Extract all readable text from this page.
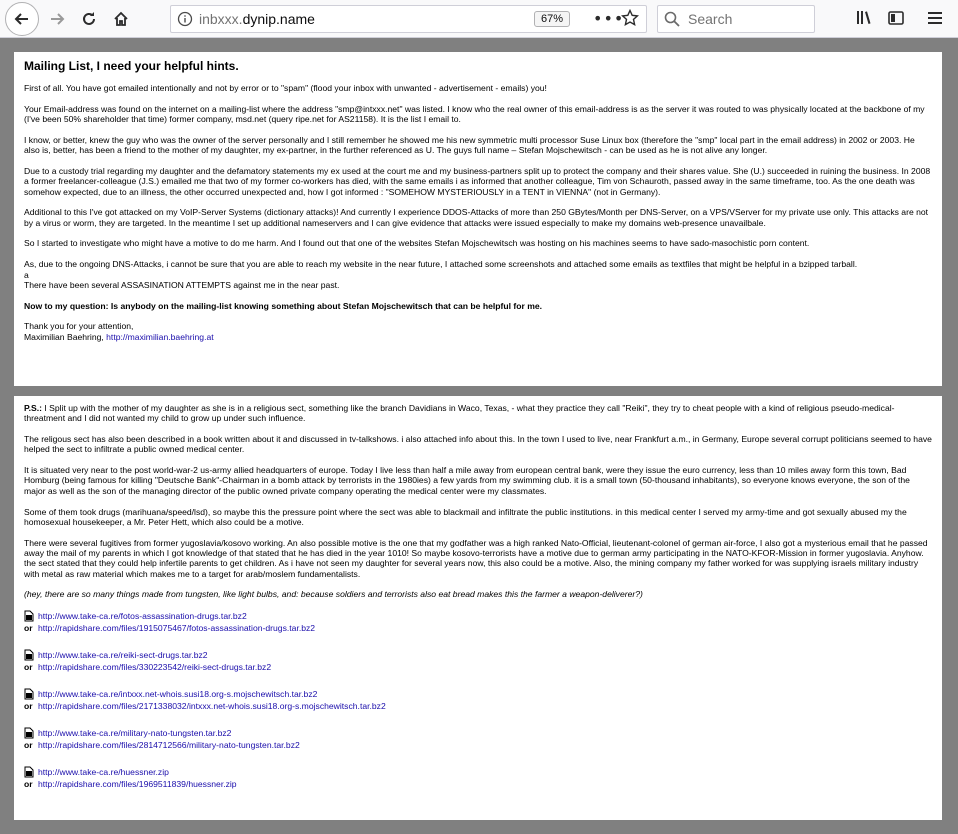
inbxxx.dynip.name	67%	•••
Search
Mailing List, I need your helpful hints.

First of all. You have got emailed intentionally and not by error or to "spam" (flood your inbox with unwanted - advertisement - emails) you!

Your Email-address was found on the internet on a mailing-list where the address "smp@intxxx.net" was listed. I know who the real owner of this email-address is as the server it was routed to was physically located at the backbone of my (I've been 50% shareholder that time) former company, msd.net (query ripe.net for AS21158). It is the list I email to.

I know, or better, knew the guy who was the owner of the server personally and I still remember he showed me his new symmetric multi processor Suse Linux box (therefore the "smp" local part in the email address) in 2002 or 2003. He also is, better, has been a friend to the mother of my daughter, my ex-partner, in the further referenced as U. The guys full name – Stefan Mojschewitsch - can be used as he is not alive any longer.

Due to a custody trial regarding my daughter and the defamatory statements my ex used at the court me and my business-partners split up to protect the company and their shares value. She (U.) succeeded in ruining the business. In 2008 a former freelancer-colleague (J.S.) emailed me that two of my former co-workers has died, with the same emails i as informed that another colleague, Tim von Schauroth, passed away in the same timeframe, too. As the one death was somehow expected, due to an illness, the other occurred unexpected and, how I got informed : "SOMEHOW MYSTERIOUSLY in a TENT in VIENNA" (not in Germany).

Additional to this I've got attacked on my VoIP-Server Systems (dictionary attacks)! And currently I experience DDOS-Attacks of more than 250 GBytes/Month per DNS-Server, on a VPS/VServer for my private use only. This attacks are not by a virus or worm, they are targeted. In the meantime I set up additional nameservers and I can give evidence that attacks were issued especially to make my domains web-presence unavailbale.

So I started to investigate who might have a motive to do me harm. And I found out that one of the websites Stefan Mojschewitsch was hosting on his machines seems to have sado-masochistic porn content.

As, due to the ongoing DNS-Attacks, i cannot be sure that you are able to reach my website in the near future, I attached some screenshots and attached some emails as textfiles that might be helpful in a bzipped tarball.
a
There have been several ASSASINATION ATTEMPTS against me in the near past.

Now to my question: Is anybody on the mailing-list knowing something about Stefan Mojschewitsch that can be helpful for me.

Thank you for your attention,
Maximilian Baehring, http://maximilian.baehring.at

P.S.: I Split up with the mother of my daughter as she is in a religious sect, something like the branch Davidians in Waco, Texas, - what they practice they call "Reiki", they try to cheat people with a kind of religious pseudo-medical-threatment and I did not wanted my child to grow up under such influence.

The religous sect has also been described in a book written about it and discussed in tv-talkshows. i also attached info about this. In the town I used to live, near Frankfurt a.m., in Germany, Europe several corrupt politicians seemed to have helped the sect to infiltrate a public owned medical center.

It is situated very near to the post world-war-2 us-army allied headquarters of europe. Today I live less than half a mile away from european central bank, were they issue the euro currency, less than 10 miles away form this town, Bad Homburg (being famous for killing "Deutsche Bank"-Chairman in a bomb attack by terrorists in the 1980ies) a few yards from my swimming club. it is a small town (50-thousand inhabitants), so everyone knows everyone, the son of the major as well as the son of the managing director of the public owned private company operating the medical center were my classmates.

Some of them took drugs (marihuana/speed/lsd), so maybe this the pressure point where the sect was able to blackmail and infiltrate the public institutions. in this medical center I served my army-time and got sexually abused my the homosexual housekeeper, a Mr. Peter Hett, which also could be a motive.

There were several fugitives from former yugoslavia/kosovo working. An also possible motive is the one that my godfather was a high ranked Nato-Official, lieutenant-colonel of german air-force, I also got a mysterious email that he passed away the mail of my parents in which I got knowledge of that stated that he has died in the year 1010! So maybe kosovo-terrorists have a motive due to german army participating in the NATO-KFOR-Mission in former yugoslavia. Anyhow. the sect stated that they could help infertile parents to get children. As i have not seen my daughter for several years now, this also could be a motive. Also, the mining company my father worked for was supplying israels military industry with metal as raw material which makes me to a target for arab/moslem fundamentalists.

(hey, there are so many things made from tungsten, like light bulbs, and: because soldiers and terrorists also eat bread makes this the farmer a weapon-deliverer?)

http://www.take-ca.re/fotos-assassination-drugs.tar.bz2
or http://rapidshare.com/files/1915075467/fotos-assassination-drugs.tar.bz2
http://www.take-ca.re/reiki-sect-drugs.tar.bz2
or http://rapidshare.com/files/330223542/reiki-sect-drugs.tar.bz2
http://www.take-ca.re/intxxx.net-whois.susi18.org-s.mojschewitsch.tar.bz2
or http://rapidshare.com/files/2171338032/intxxx.net-whois.susi18.org-s.mojschewitsch.tar.bz2
http://www.take-ca.re/military-nato-tungsten.tar.bz2
or http://rapidshare.com/files/2814712566/military-nato-tungsten.tar.bz2
http://www.take-ca.re/huessner.zip
or http://rapidshare.com/files/1969511839/huessner.zip
